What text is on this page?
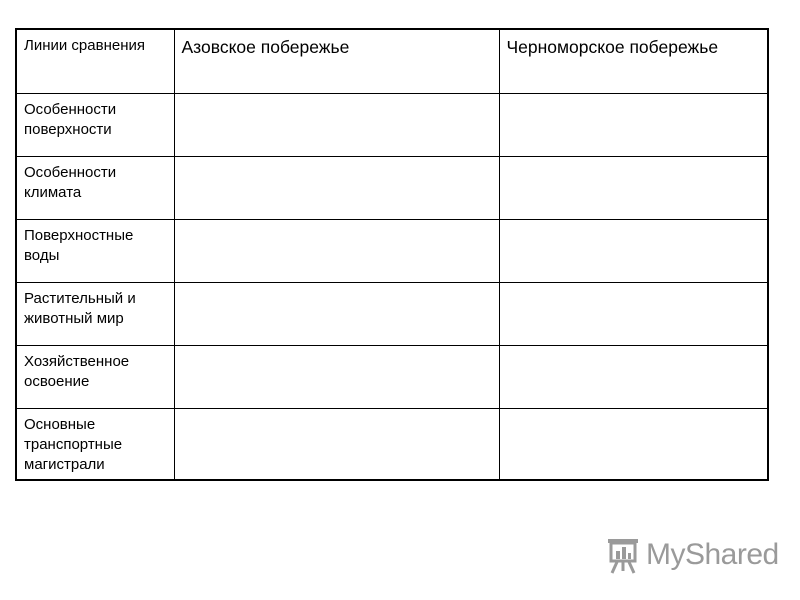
Линии сравнения	Азовское побережье	Черноморское побережье
Особенности поверхности		
Особенности климата		
Поверхностные воды		
Растительный и животный мир		
Хозяйственное освоение		
Основные транспортные магистрали		
MyShared
